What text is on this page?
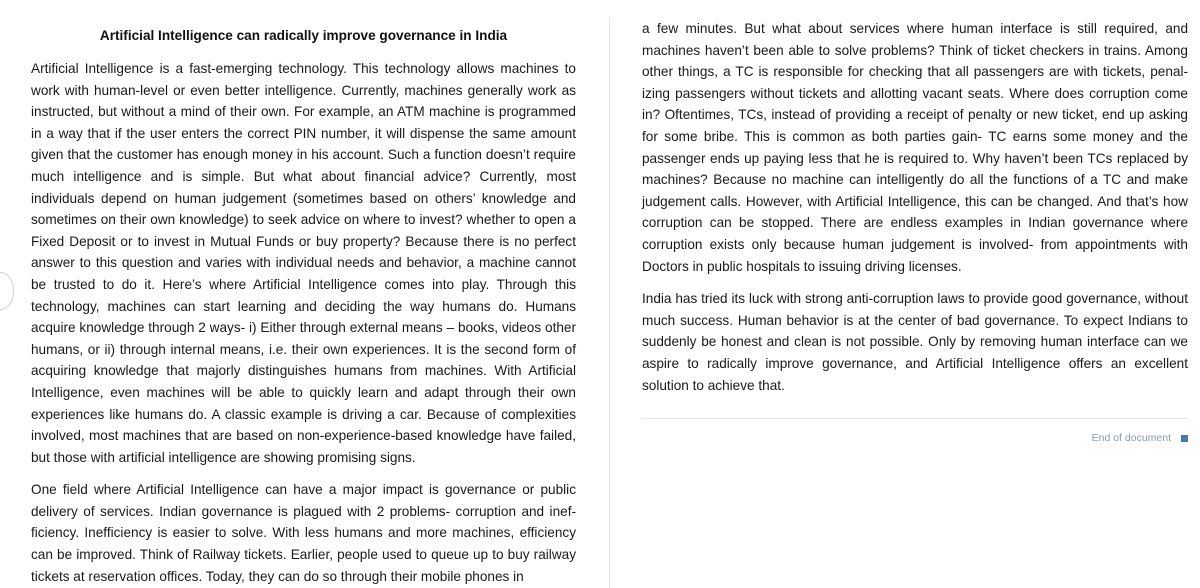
Artificial Intelligence can radically improve governance in India

Artificial Intelligence is a fast-emerging technology. This technology allows machines to work with human-level or even better intelligence. Currently, machines generally work as instructed, but without a mind of their own. For example, an ATM machine is programmed in a way that if the user enters the correct PIN number, it will dispense the same amount given that the customer has enough money in his account. Such a function doesn’t require much intelligence and is simple. But what about financial advice? Currently, most individuals depend on human judgement (sometimes based on others’ knowledge and sometimes on their own knowledge) to seek advice on where to invest? whether to open a Fixed Deposit or to invest in Mutual Funds or buy property? Because there is no perfect answer to this question and varies with individual needs and behavior, a machine cannot be trusted to do it. Here’s where Artificial Intelligence comes into play. Through this technology, machines can start learning and deciding the way humans do. Humans acquire knowledge through 2 ways- i) Either through external means – books, videos other humans, or ii) through internal means, i.e. their own experiences. It is the second form of acquiring knowledge that majorly distinguishes humans from machines. With Artificial Intelligence, even machines will be able to quickly learn and adapt through their own experiences like humans do. A classic example is driving a car. Because of complexities involved, most machines that are based on non-experience-based knowledge have failed, but those with artificial intelligence are showing promising signs.

One field where Artificial Intelligence can have a major impact is governance or public delivery of services. Indian governance is plagued with 2 problems- corruption and inefficiency. Inefficiency is easier to solve. With less humans and more machines, efficiency can be improved. Think of Railway tickets. Earlier, people used to queue up to buy railway tickets at reservation offices. Today, they can do so through their mobile phones in

a few minutes. But what about services where human interface is still required, and machines haven’t been able to solve problems? Think of ticket checkers in trains. Among other things, a TC is responsible for checking that all passengers are with tickets, penalizing passengers without tickets and allotting vacant seats. Where does corruption come in? Oftentimes, TCs, instead of providing a receipt of penalty or new ticket, end up asking for some bribe. This is common as both parties gain- TC earns some money and the passenger ends up paying less that he is required to. Why haven’t been TCs replaced by machines? Because no machine can intelligently do all the functions of a TC and make judgement calls. However, with Artificial Intelligence, this can be changed. And that’s how corruption can be stopped. There are endless examples in Indian governance where corruption exists only because human judgement is involved- from appointments with Doctors in public hospitals to issuing driving licenses.

India has tried its luck with strong anti-corruption laws to provide good governance, without much success. Human behavior is at the center of bad governance. To expect Indians to suddenly be honest and clean is not possible. Only by removing human interface can we aspire to radically improve governance, and Artificial Intelligence offers an excellent solution to achieve that.

End of document
